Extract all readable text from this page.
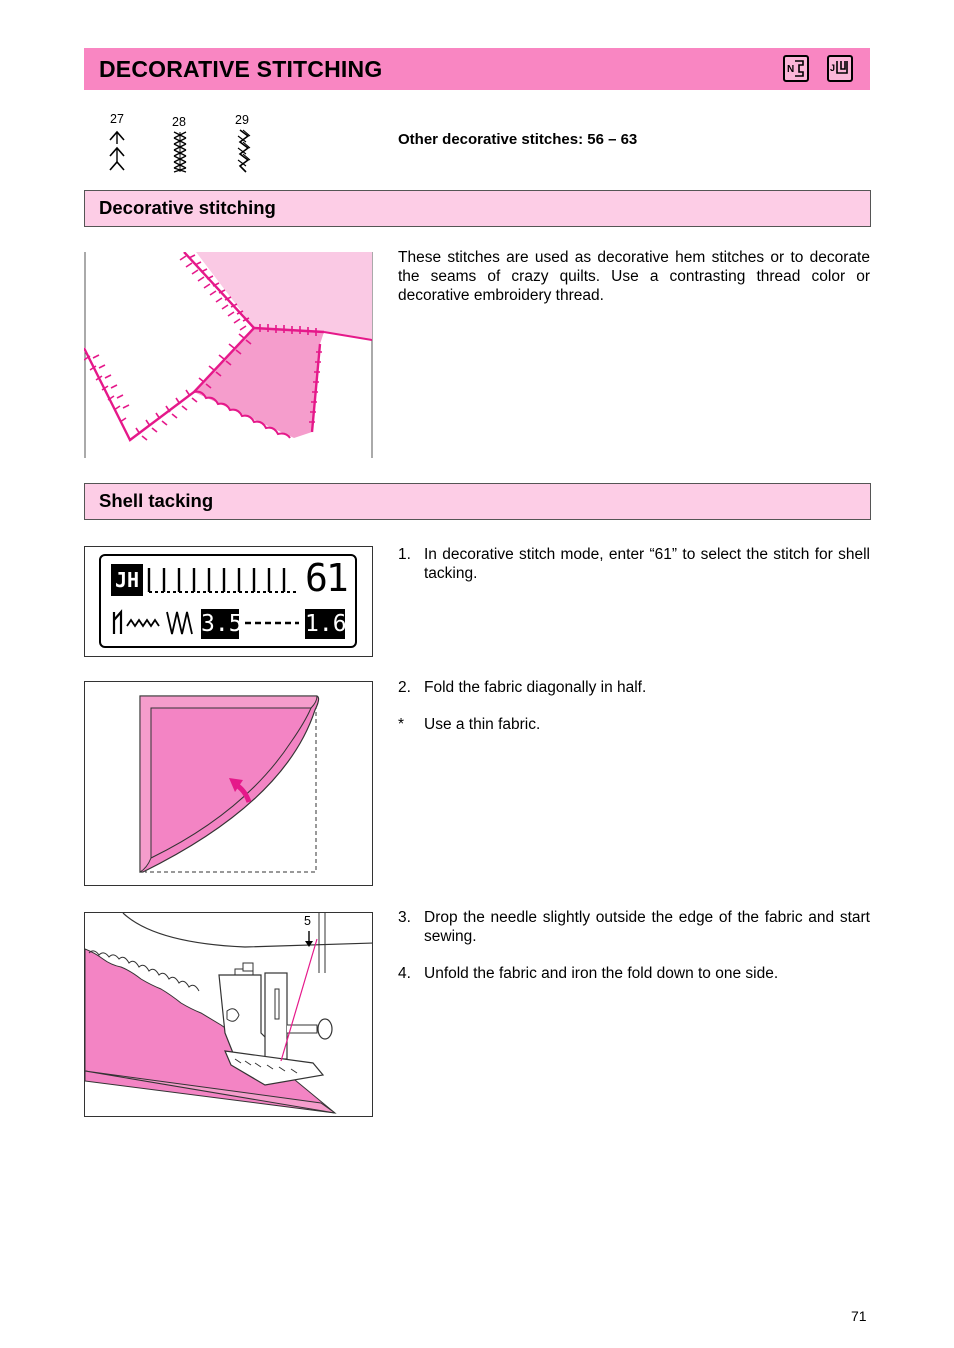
DECORATIVE STITCHING	N	J
27	28	29
Other decorative stitches: 56 – 63
Decorative stitching
These stitches are used as decorative hem stitches or to decorate the seams of crazy quilts. Use a contrasting thread color or decorative embroidery thread.
Shell tacking
JH	61
3.5	1.6
1. In decorative stitch mode, enter “61” to select the stitch for shell tacking.
2. Fold the fabric diagonally in half.
* Use a thin fabric.
5	3. Drop the needle slightly outside the edge of the fabric and start sewing.
4. Unfold the fabric and iron the fold down to one side.
71
